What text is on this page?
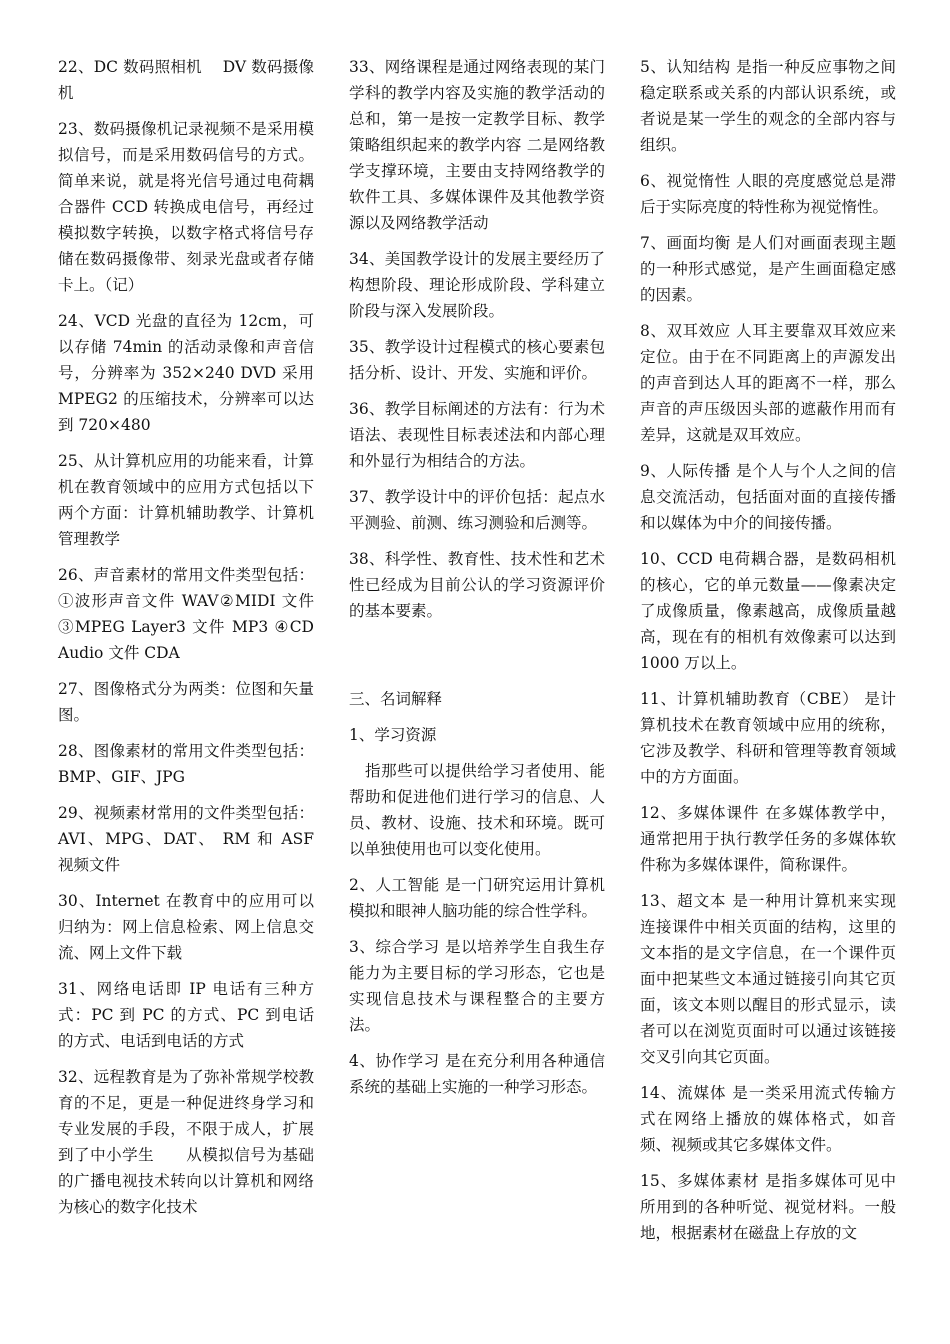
22、DC 数码照相机　 DV 数码摄像机

23、数码摄像机记录视频不是采用模拟信号，而是采用数码信号的方式。简单来说，就是将光信号通过电荷耦合器件 CCD 转换成电信号，再经过模拟数字转换，以数字格式将信号存储在数码摄像带、刻录光盘或者存储卡上。（记）

24、VCD 光盘的直径为 12cm，可以存储 74min 的活动录像和声音信号，分辨率为 352×240 DVD 采用 MPEG2 的压缩技术，分辨率可以达到 720×480

25、从计算机应用的功能来看，计算机在教育领域中的应用方式包括以下两个方面：计算机辅助教学、计算机管理教学

26、声音素材的常用文件类型包括：①波形声音文件 WAV②MIDI 文件 ③MPEG Layer3 文件 MP3 ④CD Audio 文件 CDA

27、图像格式分为两类：位图和矢量图。

28、图像素材的常用文件类型包括：BMP、GIF、JPG

29、视频素材常用的文件类型包括：AVI、MPG、DAT、 RM 和 ASF 视频文件

30、Internet 在教育中的应用可以归纳为：网上信息检索、网上信息交流、网上文件下载

31、网络电话即 IP 电话有三种方式：PC 到 PC 的方式、PC 到电话的方式、电话到电话的方式

32、远程教育是为了弥补常规学校教育的不足，更是一种促进终身学习和专业发展的手段，不限于成人，扩展到了中小学生　　从模拟信号为基础的广播电视技术转向以计算机和网络为核心的数字化技术

33、网络课程是通过网络表现的某门学科的教学内容及实施的教学活动的总和，第一是按一定教学目标、教学策略组织起来的教学内容 二是网络教学支撑环境，主要由支持网络教学的软件工具、多媒体课件及其他教学资源以及网络教学活动

34、美国教学设计的发展主要经历了构想阶段、理论形成阶段、学科建立阶段与深入发展阶段。

35、教学设计过程模式的核心要素包括分析、设计、开发、实施和评价。

36、教学目标阐述的方法有：行为术语法、表现性目标表述法和内部心理和外显行为相结合的方法。

37、教学设计中的评价包括：起点水平测验、前测、练习测验和后测等。

38、科学性、教育性、技术性和艺术性已经成为目前公认的学习资源评价的基本要素。

三、名词解释

1、学习资源

　指那些可以提供给学习者使用、能帮助和促进他们进行学习的信息、人员、教材、设施、技术和环境。既可以单独使用也可以变化使用。

2、人工智能 是一门研究运用计算机模拟和眼神人脑功能的综合性学科。

3、综合学习 是以培养学生自我生存能力为主要目标的学习形态，它也是实现信息技术与课程整合的主要方法。

4、协作学习 是在充分利用各种通信系统的基础上实施的一种学习形态。

5、认知结构 是指一种反应事物之间稳定联系或关系的内部认识系统，或者说是某一学生的观念的全部内容与组织。

6、视觉惰性 人眼的亮度感觉总是滞后于实际亮度的特性称为视觉惰性。

7、画面均衡 是人们对画面表现主题的一种形式感觉，是产生画面稳定感的因素。

8、双耳效应 人耳主要靠双耳效应来定位。由于在不同距离上的声源发出的声音到达人耳的距离不一样，那么声音的声压级因头部的遮蔽作用而有差异，这就是双耳效应。

9、人际传播 是个人与个人之间的信息交流活动，包括面对面的直接传播和以媒体为中介的间接传播。

10、CCD 电荷耦合器，是数码相机的核心，它的单元数量——像素决定了成像质量，像素越高，成像质量越高，现在有的相机有效像素可以达到 1000 万以上。

11、计算机辅助教育（CBE） 是计算机技术在教育领域中应用的统称，它涉及教学、科研和管理等教育领域中的方方面面。

12、多媒体课件 在多媒体教学中，通常把用于执行教学任务的多媒体软件称为多媒体课件，简称课件。

13、超文本 是一种用计算机来实现连接课件中相关页面的结构，这里的文本指的是文字信息，在一个课件页面中把某些文本通过链接引向其它页面，该文本则以醒目的形式显示，读者可以在浏览页面时可以通过该链接交叉引向其它页面。

14、流媒体 是一类采用流式传输方式在网络上播放的媒体格式，如音频、视频或其它多媒体文件。

15、多媒体素材 是指多媒体可见中所用到的各种听觉、视觉材料。一般地，根据素材在磁盘上存放的文
